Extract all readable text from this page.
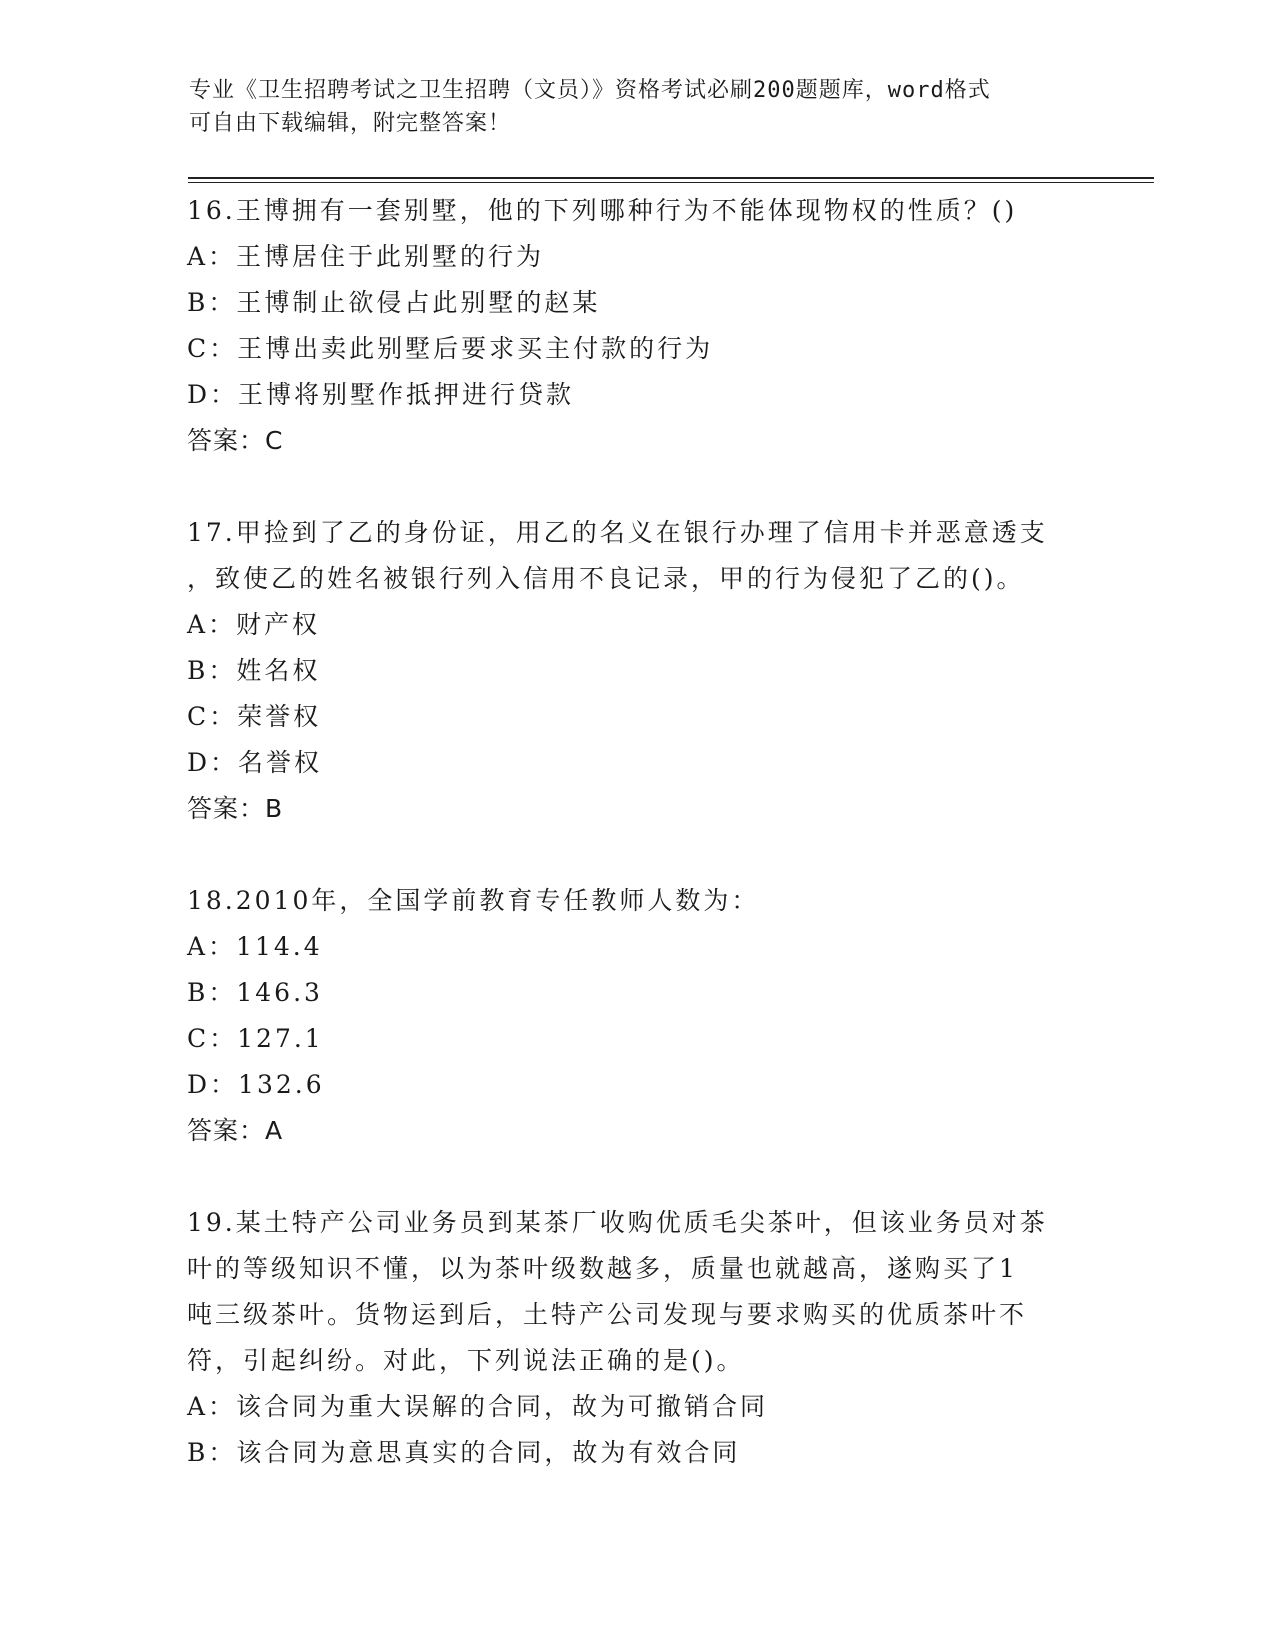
专业《卫生招聘考试之卫生招聘（文员）》资格考试必刷200题题库，word格式
可自由下载编辑，附完整答案！
16.王博拥有一套别墅，他的下列哪种行为不能体现物权的性质？()
A：王博居住于此别墅的行为
B：王博制止欲侵占此别墅的赵某
C：王博出卖此别墅后要求买主付款的行为
D：王博将别墅作抵押进行贷款
答案：C
17.甲捡到了乙的身份证，用乙的名义在银行办理了信用卡并恶意透支
，致使乙的姓名被银行列入信用不良记录，甲的行为侵犯了乙的()。
A：财产权
B：姓名权
C：荣誉权
D：名誉权
答案：B
18.2010年，全国学前教育专任教师人数为：
A：114.4
B：146.3
C：127.1
D：132.6
答案：A
19.某土特产公司业务员到某茶厂收购优质毛尖茶叶，但该业务员对茶
叶的等级知识不懂，以为茶叶级数越多，质量也就越高，遂购买了1
吨三级茶叶。货物运到后，土特产公司发现与要求购买的优质茶叶不
符，引起纠纷。对此，下列说法正确的是()。
A：该合同为重大误解的合同，故为可撤销合同
B：该合同为意思真实的合同，故为有效合同
